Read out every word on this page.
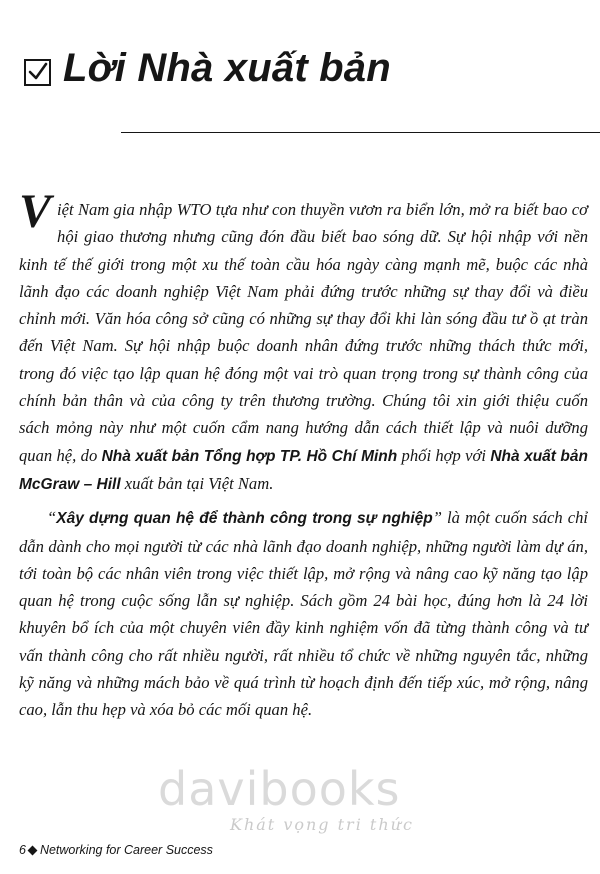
Lời Nhà xuất bản

Việt Nam gia nhập WTO tựa như con thuyền vươn ra biển lớn, mở ra biết bao cơ hội giao thương nhưng cũng đón đầu biết bao sóng dữ. Sự hội nhập với nền kinh tế thế giới trong một xu thế toàn cầu hóa ngày càng mạnh mẽ, buộc các nhà lãnh đạo các doanh nghiệp Việt Nam phải đứng trước những sự thay đổi và điều chỉnh mới. Văn hóa công sở cũng có những sự thay đổi khi làn sóng đầu tư ồ ạt tràn đến Việt Nam. Sự hội nhập buộc doanh nhân đứng trước những thách thức mới, trong đó việc tạo lập quan hệ đóng một vai trò quan trọng trong sự thành công của chính bản thân và của công ty trên thương trường. Chúng tôi xin giới thiệu cuốn sách mỏng này như một cuốn cẩm nang hướng dẫn cách thiết lập và nuôi dưỡng quan hệ, do Nhà xuất bản Tổng hợp TP. Hồ Chí Minh phối hợp với Nhà xuất bản McGraw – Hill xuất bản tại Việt Nam.

“Xây dựng quan hệ để thành công trong sự nghiệp” là một cuốn sách chỉ dẫn dành cho mọi người từ các nhà lãnh đạo doanh nghiệp, những người làm dự án, tới toàn bộ các nhân viên trong việc thiết lập, mở rộng và nâng cao kỹ năng tạo lập quan hệ trong cuộc sống lẫn sự nghiệp. Sách gồm 24 bài học, đúng hơn là 24 lời khuyên bổ ích của một chuyên viên đầy kinh nghiệm vốn đã từng thành công và tư vấn thành công cho rất nhiều người, rất nhiều tổ chức về những nguyên tắc, những kỹ năng và những mách bảo về quá trình từ hoạch định đến tiếp xúc, mở rộng, nâng cao, lẫn thu hẹp và xóa bỏ các mối quan hệ.

davibooks
Khát vọng tri thức
6 Networking for Career Success
